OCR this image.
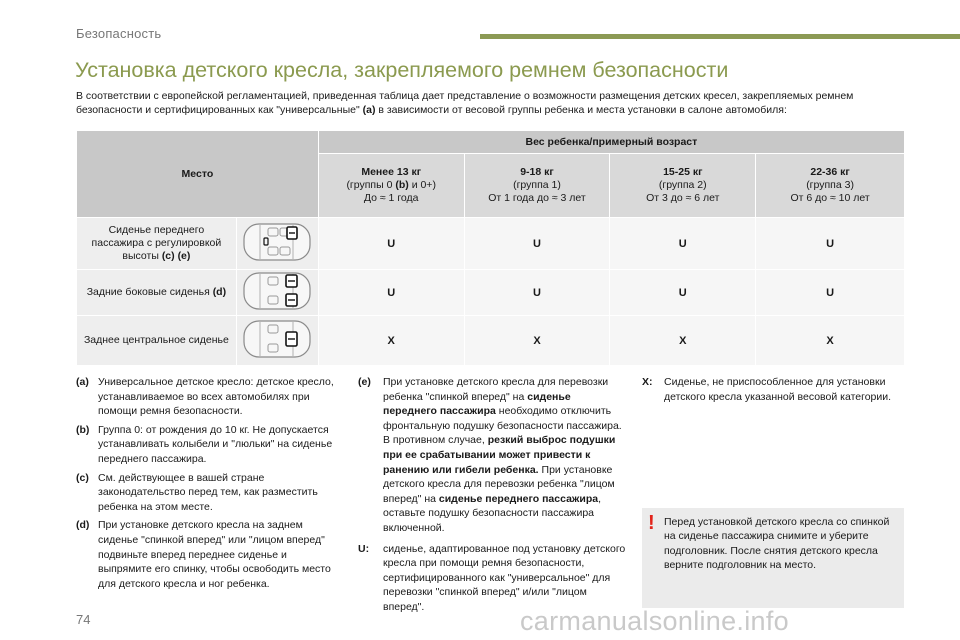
Безопасность
Установка детского кресла, закрепляемого ремнем безопасности

В соответствии с европейской регламентацией, приведенная таблица дает представление о возможности размещения детских кресел, закрепляемых ремнем безопасности и сертифицированных как "универсальные" (a) в зависимости от весовой группы ребенка и места установки в салоне автомобиля:

Место		Вес ребенка/примерный возраст			
		Менее 13 кг
(группы 0 (b) и 0+)
До ≈ 1 года	9-18 кг
(группа 1)
От 1 года до ≈ 3 лет	15-25 кг
(группа 2)
От 3 до ≈ 6 лет	22-36 кг
(группа 3)
От 6 до ≈ 10 лет
Сиденье переднего пассажира с регулировкой высоты (c) (e)		U	U	U	U
Задние боковые сиденья (d)		U	U	U	U
Заднее центральное сиденье		X	X	X	X
(a) Универсальное детское кресло: детское кресло, устанавливаемое во всех автомобилях при помощи ремня безопасности.
(b) Группа 0: от рождения до 10 кг. Не допускается устанавливать колыбели и "люльки" на сиденье переднего пассажира.
(c) См. действующее в вашей стране законодательство перед тем, как разместить ребенка на этом месте.
(d) При установке детского кресла на заднем сиденье "спинкой вперед" или "лицом вперед" подвиньте вперед переднее сиденье и выпрямите его спинку, чтобы освободить место для детского кресла и ног ребенка.
(e)	При установке детского кресла для перевозки ребенка "спинкой вперед" на сиденье переднего пассажира необходимо отключить фронтальную подушку безопасности пассажира. В противном случае, резкий выброс подушки при ее срабатывании может привести к ранению или гибели ребенка. При установке детского кресла для перевозки ребенка "лицом вперед" на сиденье переднего пассажира, оставьте подушку безопасности пассажира включенной.
U:	сиденье, адаптированное под установку детского кресла при помощи ремня безопасности, сертифицированного как "универсальное" для перевозки "спинкой вперед" и/или "лицом вперед".
X:	Сиденье, не приспособленное для установки детского кресла указанной весовой категории.
! Перед установкой детского кресла со спинкой на сиденье пассажира снимите и уберите подголовник. После снятия детского кресла верните подголовник на место.
74	carmanualsonline.info
